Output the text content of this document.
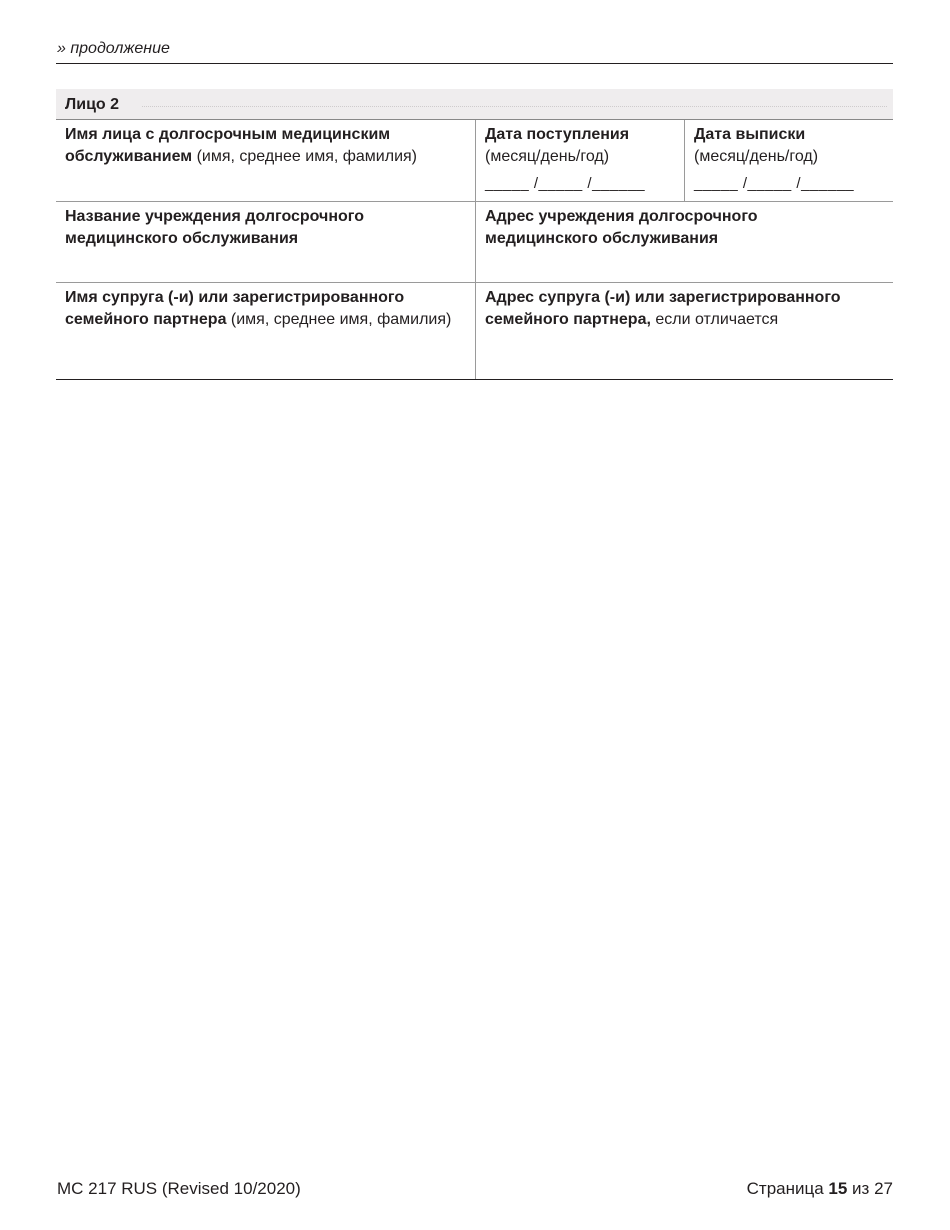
» продолжение
Лицо 2
Имя лица с долгосрочным медицинским обслуживанием (имя, среднее имя, фамилия)
Дата поступления
(месяц/день/год)
_____ /_____ /______
Дата выписки
(месяц/день/год)
_____ /_____ /______
Название учреждения долгосрочного медицинского обслуживания
Адрес учреждения долгосрочного медицинского обслуживания
Имя супруга (-и) или зарегистрированного семейного партнера (имя, среднее имя, фамилия)
Адрес супруга (-и) или зарегистрированного семейного партнера, если отличается
MC 217 RUS (Revised 10/2020)	Страница 15 из 27
